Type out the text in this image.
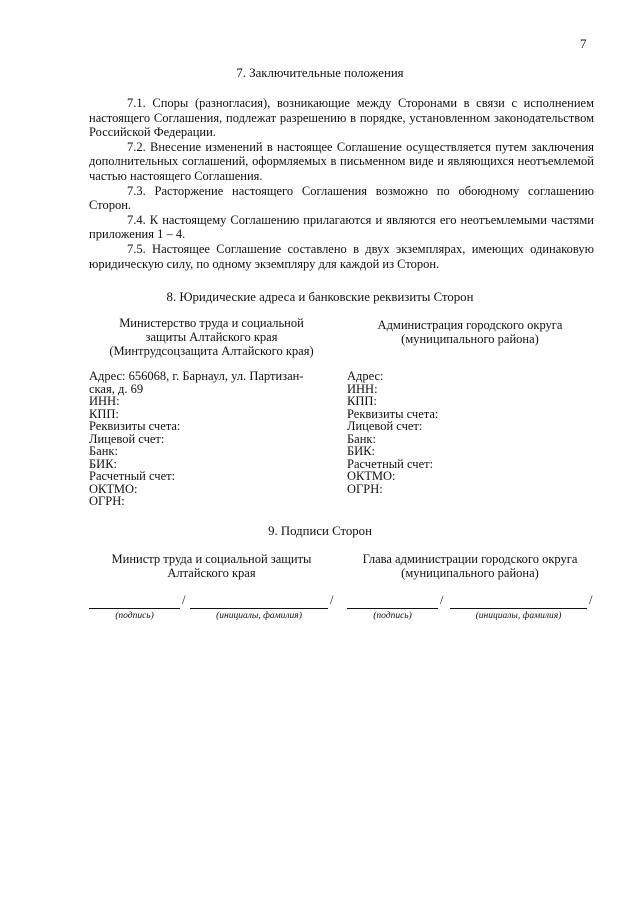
7
7. Заключительные положения
7.1. Споры (разногласия), возникающие между Сторонами в связи с исполнением настоящего Соглашения, подлежат разрешению в порядке, установленном законодательством Российской Федерации.
7.2. Внесение изменений в настоящее Соглашение осуществляется путем заключения дополнительных соглашений, оформляемых в письменном виде и являющихся неотъемлемой частью настоящего Соглашения.
7.3. Расторжение настоящего Соглашения возможно по обоюдному соглашению Сторон.
7.4. К настоящему Соглашению прилагаются и являются его неотъемлемыми частями приложения 1 – 4.
7.5. Настоящее Соглашение составлено в двух экземплярах, имеющих одинаковую юридическую силу, по одному экземпляру для каждой из Сторон.
8. Юридические адреса и банковские реквизиты Сторон
Министерство труда и социальной
защиты Алтайского края
(Минтрудсоцзащита Алтайского края)
Администрация городского округа
(муниципального района)
Адрес: 656068, г. Барнаул, ул. Партизан-
ская, д. 69
ИНН:
КПП:
Реквизиты счета:
Лицевой счет:
Банк:
БИК:
Расчетный счет:
ОКТМО:
ОГРН:
Адрес:
ИНН:
КПП:
Реквизиты счета:
Лицевой счет:
Банк:
БИК:
Расчетный счет:
ОКТМО:
ОГРН:
9. Подписи Сторон
Министр труда и социальной защиты
Алтайского края
Глава администрации городского округа
(муниципального района)
/	/
(подпись)	(инициалы, фамилия)
/	/
(подпись)	(инициалы, фамилия)
